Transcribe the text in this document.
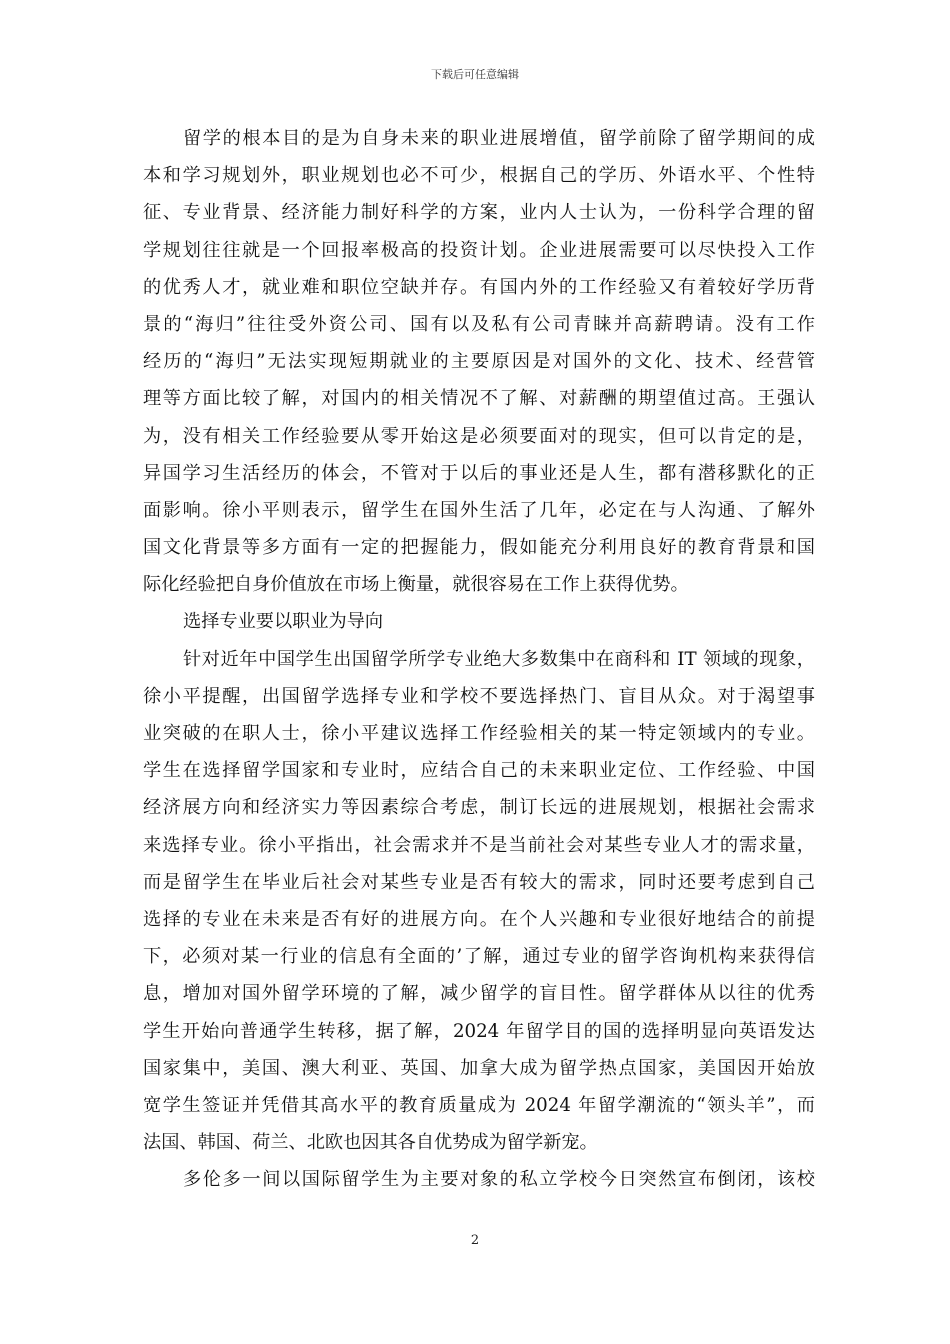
下载后可任意编辑
留学的根本目的是为自身未来的职业进展增值，留学前除了留学期间的成
本和学习规划外，职业规划也必不可少，根据自己的学历、外语水平、个性特
征、专业背景、经济能力制好科学的方案，业内人士认为，一份科学合理的留
学规划往往就是一个回报率极高的投资计划。企业进展需要可以尽快投入工作
的优秀人才，就业难和职位空缺并存。有国内外的工作经验又有着较好学历背
景的“海归”往往受外资公司、国有以及私有公司青睐并高薪聘请。没有工作
经历的“海归”无法实现短期就业的主要原因是对国外的文化、技术、经营管
理等方面比较了解，对国内的相关情况不了解、对薪酬的期望值过高。王强认
为，没有相关工作经验要从零开始这是必须要面对的现实，但可以肯定的是，
异国学习生活经历的体会，不管对于以后的事业还是人生，都有潜移默化的正
面影响。徐小平则表示，留学生在国外生活了几年，必定在与人沟通、了解外
国文化背景等多方面有一定的把握能力，假如能充分利用良好的教育背景和国
际化经验把自身价值放在市场上衡量，就很容易在工作上获得优势。
选择专业要以职业为导向
针对近年中国学生出国留学所学专业绝大多数集中在商科和 IT 领域的现象，
徐小平提醒，出国留学选择专业和学校不要选择热门、盲目从众。对于渴望事
业突破的在职人士，徐小平建议选择工作经验相关的某一特定领域内的专业。
学生在选择留学国家和专业时，应结合自己的未来职业定位、工作经验、中国
经济展方向和经济实力等因素综合考虑，制订长远的进展规划，根据社会需求
来选择专业。徐小平指出，社会需求并不是当前社会对某些专业人才的需求量，
而是留学生在毕业后社会对某些专业是否有较大的需求，同时还要考虑到自己
选择的专业在未来是否有好的进展方向。在个人兴趣和专业很好地结合的前提
下，必须对某一行业的信息有全面的’了解，通过专业的留学咨询机构来获得信
息，增加对国外留学环境的了解，减少留学的盲目性。留学群体从以往的优秀
学生开始向普通学生转移，据了解，2024 年留学目的国的选择明显向英语发达
国家集中，美国、澳大利亚、英国、加拿大成为留学热点国家，美国因开始放
宽学生签证并凭借其高水平的教育质量成为 2024 年留学潮流的“领头羊”，而
法国、韩国、荷兰、北欧也因其各自优势成为留学新宠。
多伦多一间以国际留学生为主要对象的私立学校今日突然宣布倒闭，该校
2
